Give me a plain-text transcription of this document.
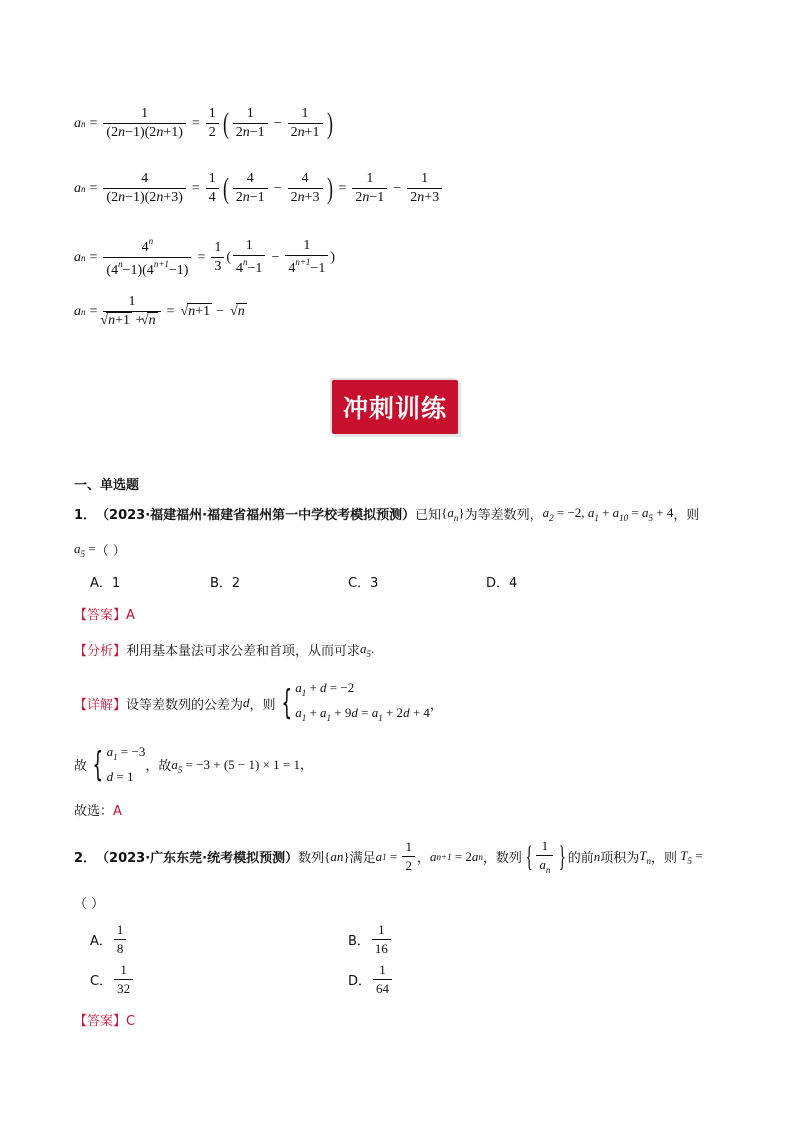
a $n = \frac{1}{(2n-1)(2n+1)} = \frac{1}{2}$ ( $\frac{1}{2n-1} - \frac{1}{2n+1}$ )
a $n = \frac{4}{(2n-1)(2n+3)} = \frac{1}{4}$ ( $\frac{4}{2n-1} - \frac{4}{2n+3}$ ) = $\frac{1}{2n-1} - \frac{1}{2n+3}$
a $n = \frac{4^n}{(4^n-1)(4^{n+1}-1)} = \frac{1}{3}$ ( $\frac{1}{4^n-1} - \frac{1}{4^{n+1}-1}$ )
a n = 1
√ n+1 + √ n = √ n+1 − √ n
冲刺训练
一、单选题
1． （2023·福建福州·福建省福州第一中学校考模拟预测） 已知 $\{a_n\}$ 为等差数列， $a_2 = -2$, $a_1 + a_{10} = a_5 + 4$ ，则
$a_5$ = （ ）
A．1	B．2	C．3	D．4
【答案】A
【分析】 利用基本量法可求公差和首项，从而可求 $a_5$.
【详解】 设等差数列的公差为 d ，则 { $a_1 + d = -2$
$a_1 + a_1 + 9d = a_1 + 2d + 4$ ，
故 { $a_1 = -3$
d = 1
，故 $a_5 = -3 + (5 - 1) \times 1 = 1$，
故选：A
2． （2023·广东东莞·统考模拟预测） 数列 {an} 满足 a $1 = \frac{1}{2}$ ， a n+1 = 2 a n ，数列 { $\frac{1}{a_n}$ } 的前 n 项积为 $T_n$ ，则 $T_5$ =
（ ）
A． $\frac{1}{8}$	B． $\frac{1}{16}$
C． $\frac{1}{32}$	D． $\frac{1}{64}$
【答案】C
